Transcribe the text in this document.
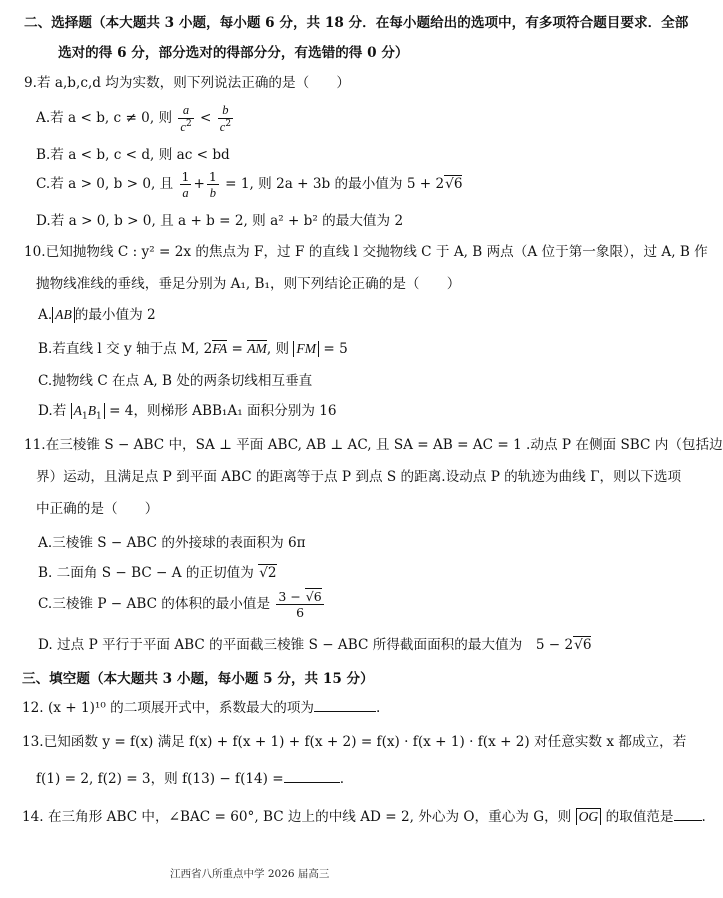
二、选择题（本大题共 3 小题，每小题 6 分，共 18 分．在每小题给出的选项中，有多项符合题目要求．全部
选对的得 6 分，部分选对的得部分分，有选错的得 0 分）
9.若 a,b,c,d 均为实数，则下列说法正确的是（　　）
A.若 a < b, c ≠ 0, 则 $\frac{a}{c^2} < \frac{b}{c^2}$
B.若 a < b, c < d, 则 ac < bd
C.若 a > 0, b > 0, 且 $\frac{1}{a} + \frac{1}{b} = 1$, 则 2a + 3b 的最小值为 5 + 2√6
D.若 a > 0, b > 0, 且 a + b = 2, 则 a² + b² 的最大值为 2
10.已知抛物线 C : y² = 2x 的焦点为 F，过 F 的直线 l 交抛物线 C 于 A, B 两点（A 位于第一象限），过 A, B 作
抛物线准线的垂线，垂足分别为 A₁, B₁，则下列结论正确的是（　　）
A. AB 的最小值为 2
B.若直线 l 交 y 轴于点 M, 2FA = AM, 则 FM = 5
C.抛物线 C 在点 A, B 处的两条切线相互垂直
D.若 $A_1B_1 = 4$，则梯形 ABB₁A₁ 面积分别为 16
11.在三棱锥 S − ABC 中，SA ⊥ 平面 ABC, AB ⊥ AC, 且 SA = AB = AC = 1 .动点 P 在侧面 SBC 内（包括边
界）运动，且满足点 P 到平面 ABC 的距离等于点 P 到点 S 的距离.设动点 P 的轨迹为曲线 Γ，则以下选项
中正确的是（　　）
A.三棱锥 S − ABC 的外接球的表面积为 6π
B. 二面角 S − BC − A 的正切值为 √2
C.三棱锥 P − ABC 的体积的最小值是 $\frac{3 - √6}{6}$
D. 过点 P 平行于平面 ABC 的平面截三棱锥 S − ABC 所得截面面积的最大值为　5 − 2√6
三、填空题（本大题共 3 小题，每小题 5 分，共 15 分）
12. (x + 1)¹⁰ 的二项展开式中，系数最大的项为	.
13.已知函数 y = f(x) 满足 f(x) + f(x + 1) + f(x + 2) = f(x) · f(x + 1) · f(x + 2) 对任意实数 x 都成立，若
f(1) = 2, f(2) = 3，则 f(13) − f(14) =	.
14. 在三角形 ABC 中，∠BAC = 60°, BC 边上的中线 AD = 2, 外心为 O，重心为 G，则 OG 的取值范是 .
江西省八所重点中学 2026 届高三
